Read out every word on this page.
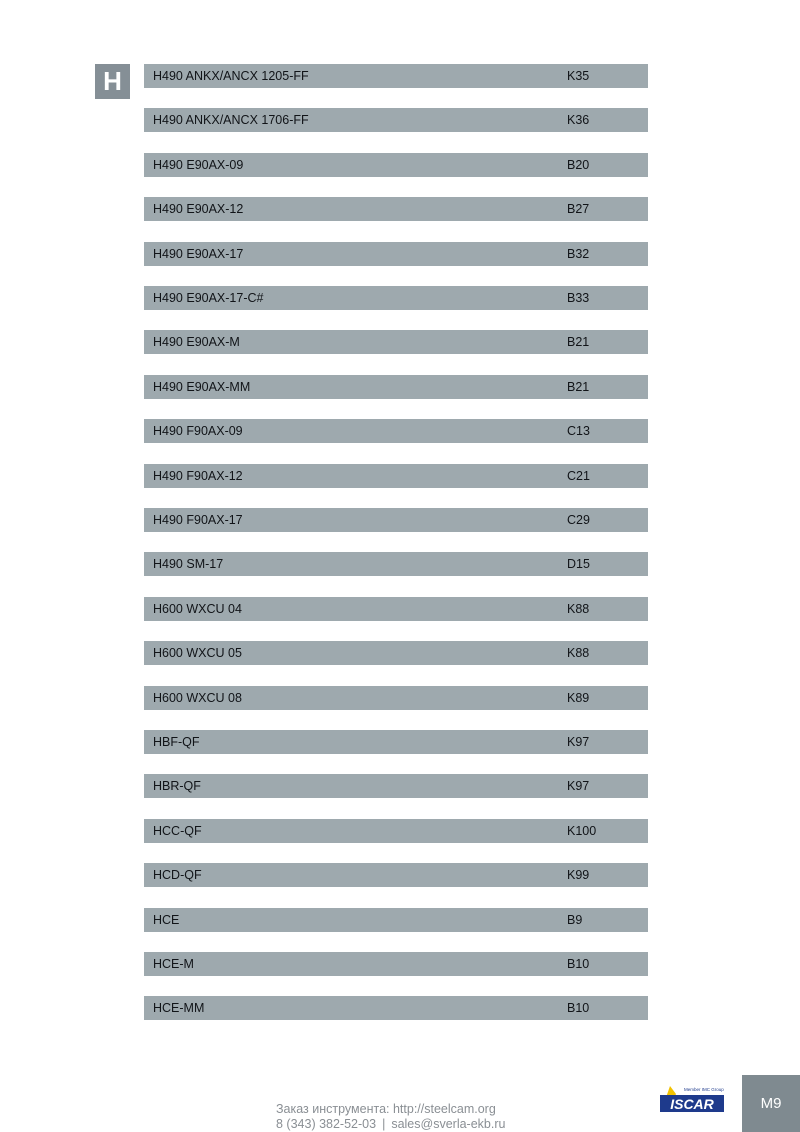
H	H490 ANKX/ANCX 1205-FF	K35
H490 ANKX/ANCX 1706-FF	K36
H490 E90AX-09	B20
H490 E90AX-12	B27
H490 E90AX-17	B32
H490 E90AX-17-C#	B33
H490 E90AX-M	B21
H490 E90AX-MM	B21
H490 F90AX-09	C13
H490 F90AX-12	C21
H490 F90AX-17	C29
H490 SM-17	D15
H600 WXCU 04	K88
H600 WXCU 05	K88
H600 WXCU 08	K89
HBF-QF	K97
HBR-QF	K97
HCC-QF	K100
HCD-QF	K99
HCE	B9
HCE-M	B10
HCE-MM	B10
Заказ инструмента: http://steelcam.org
8 (343) 382-52-03 | sales@sverla-ekb.ru
Member IMC Group
ISCAR	M9
